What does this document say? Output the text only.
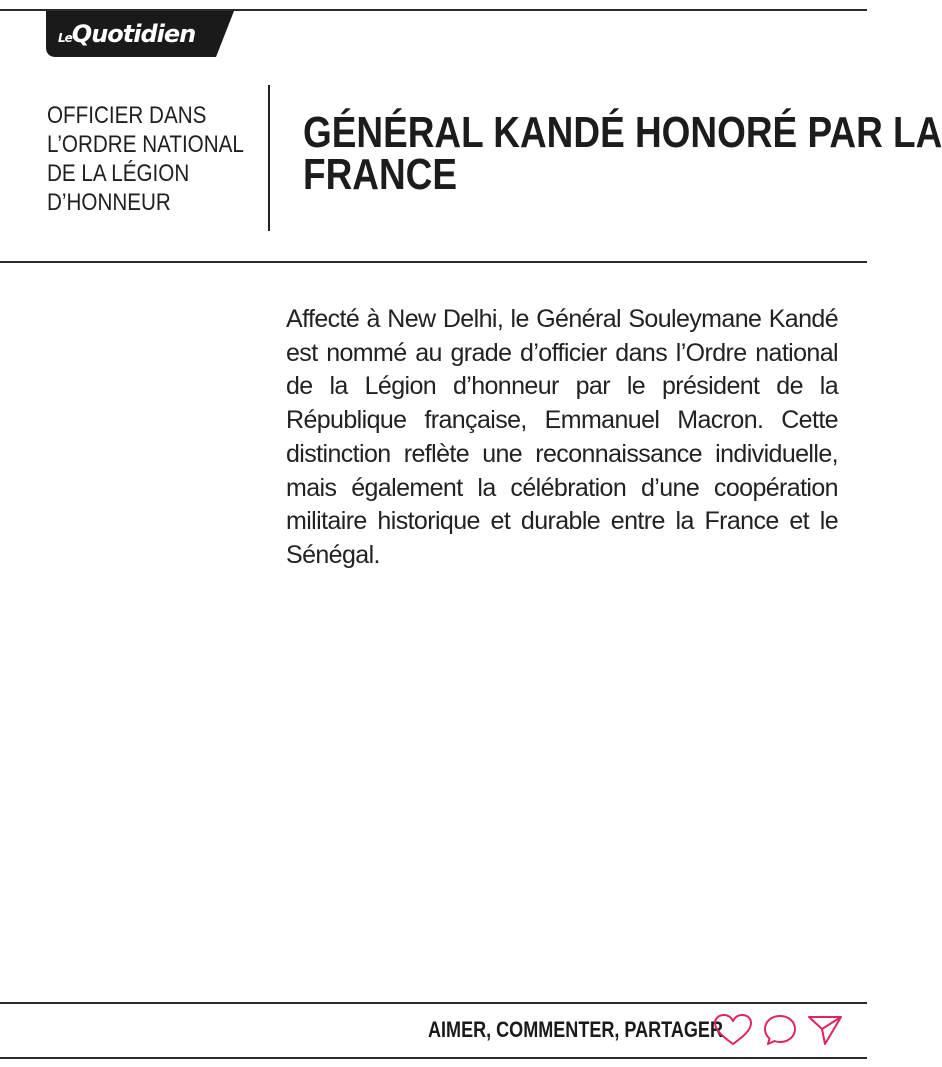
LeQuotidien
OFFICIER DANS
L’ORDRE NATIONAL
DE LA LÉGION
D’HONNEUR
GÉNÉRAL KANDÉ HONORÉ PAR LA
FRANCE

Affecté à New Delhi, le Général Souleymane Kandé est nommé au grade d’officier dans l’Ordre national de la Légion d’honneur par le président de la République française, Emmanuel Macron. Cette distinction reflète une reconnaissance individuelle, mais également la célébration d’une coopération militaire historique et durable entre la France et le Sénégal.

AIMER, COMMENTER, PARTAGER
